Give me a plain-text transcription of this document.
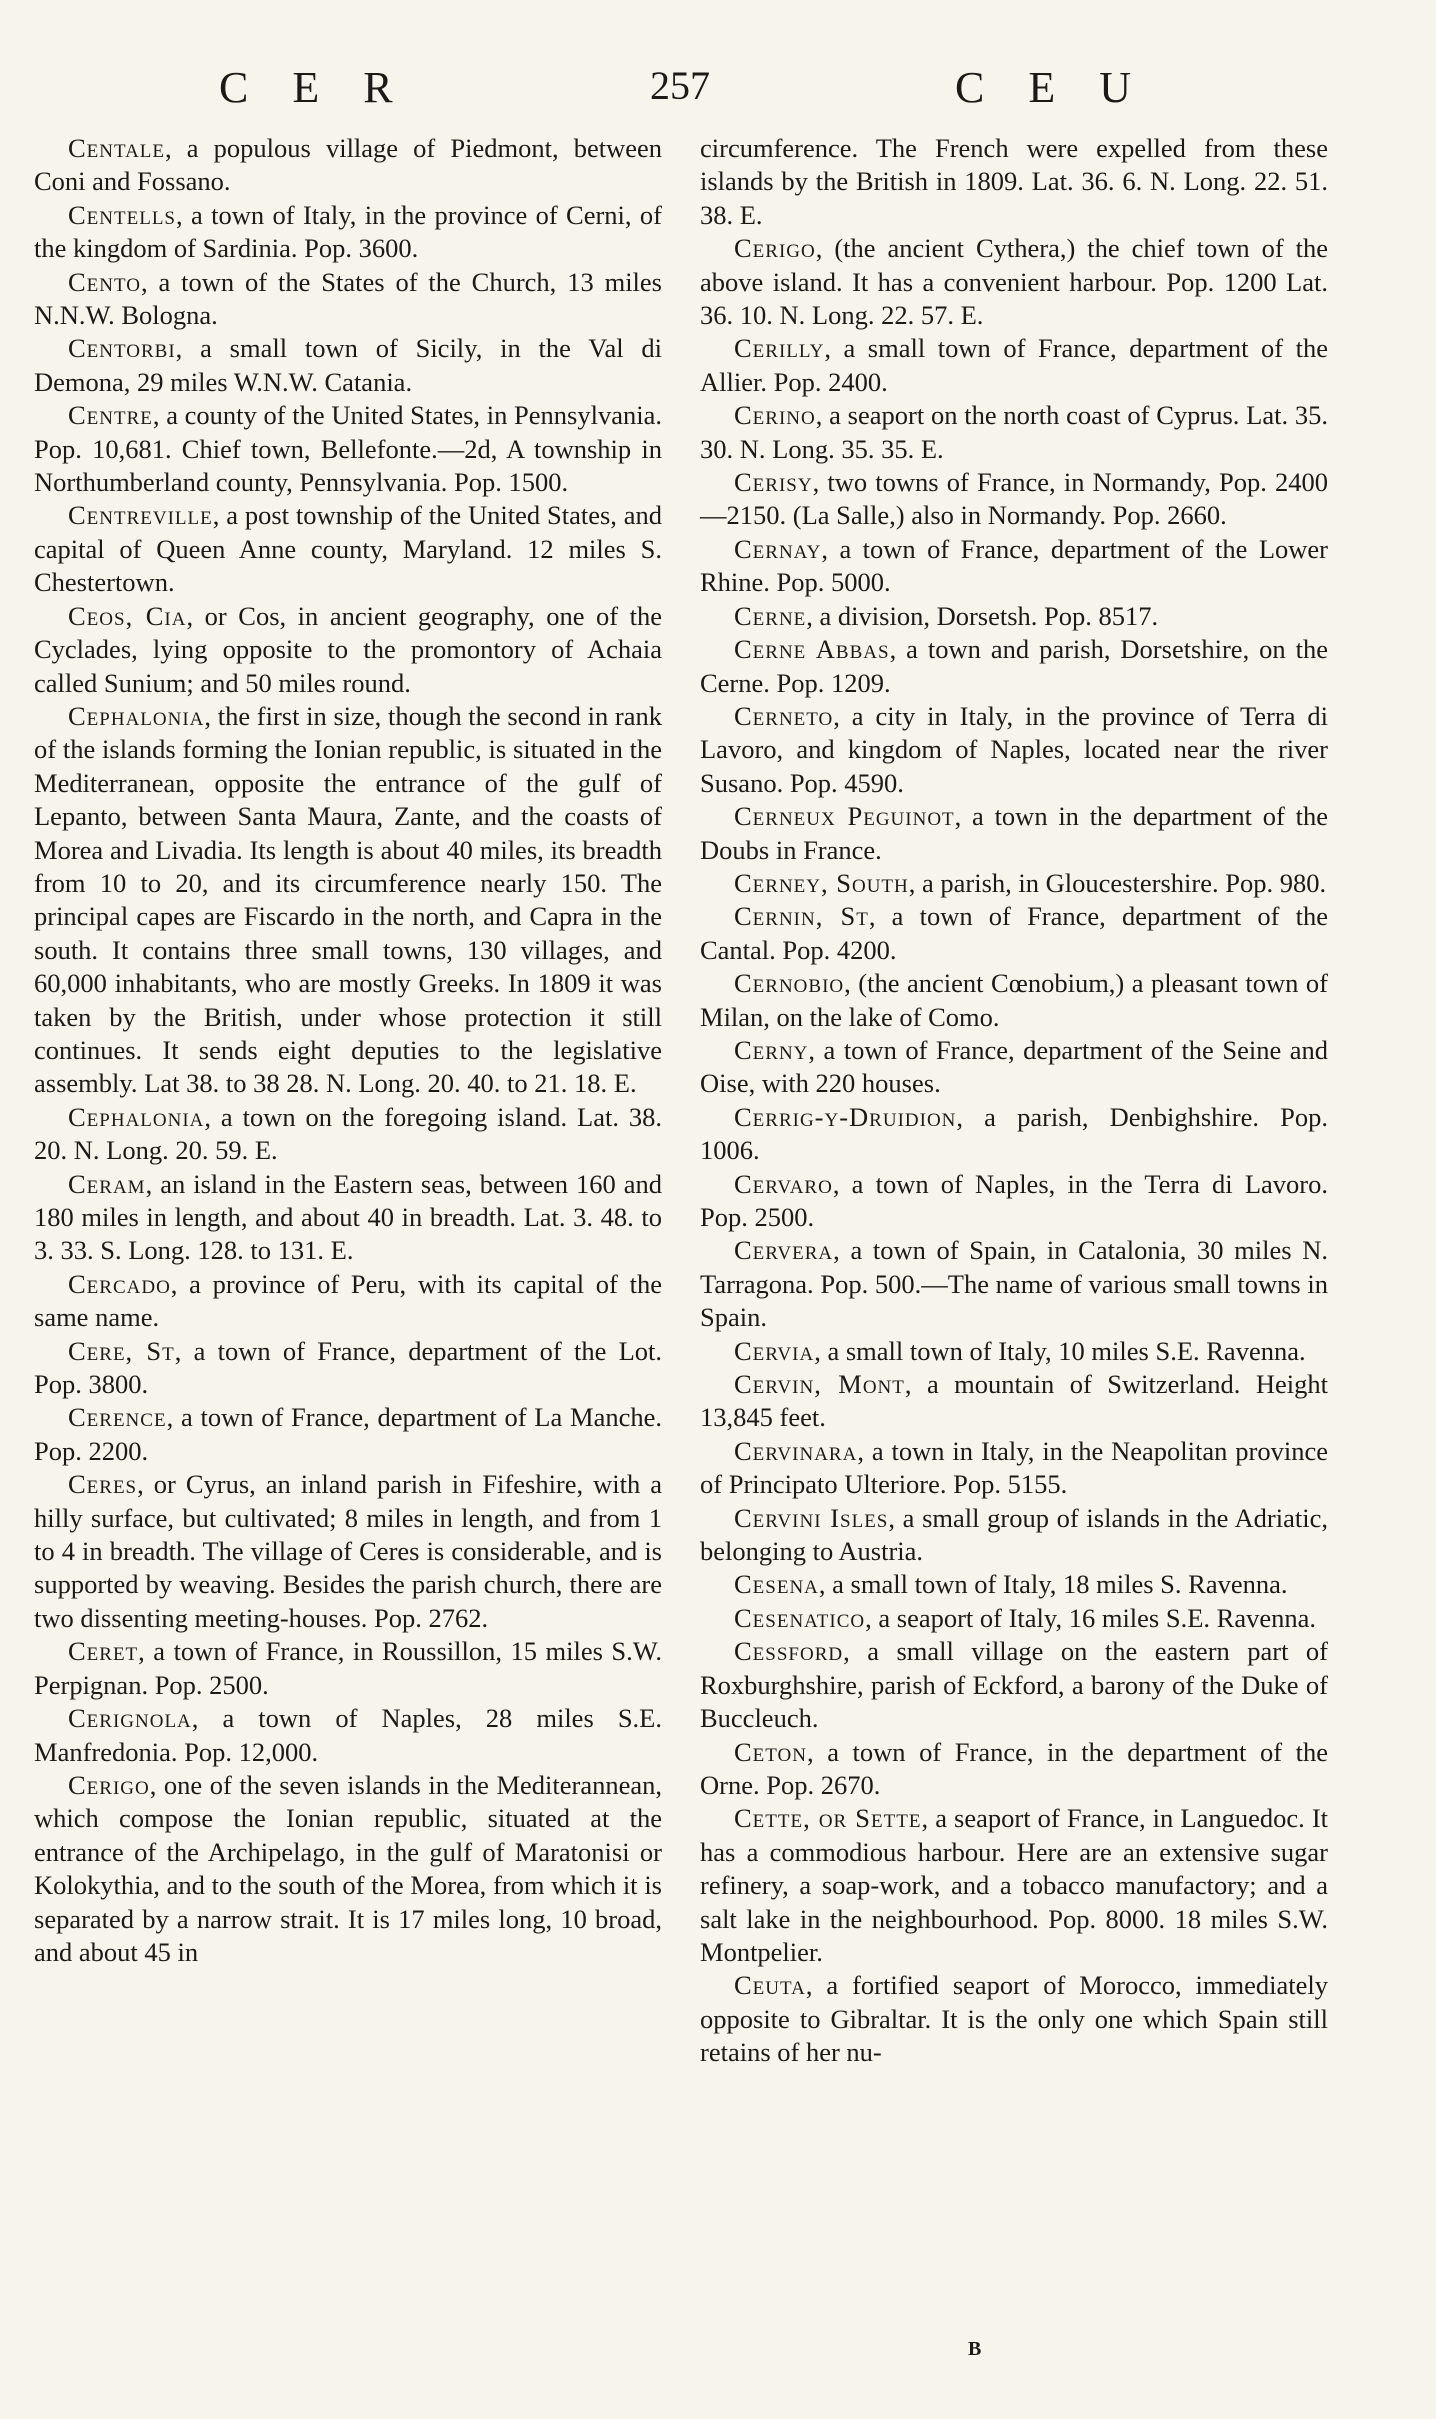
CER	257	CEU

Centale, a populous village of Piedmont, between Coni and Fossano.

Centells, a town of Italy, in the province of Cerni, of the kingdom of Sardinia. Pop. 3600.

Cento, a town of the States of the Church, 13 miles N.N.W. Bologna.

Centorbi, a small town of Sicily, in the Val di Demona, 29 miles W.N.W. Catania.

Centre, a county of the United States, in Pennsylvania. Pop. 10,681. Chief town, Bellefonte.—2d, A township in Northumberland county, Pennsylvania. Pop. 1500.

Centreville, a post township of the United States, and capital of Queen Anne county, Maryland. 12 miles S. Chestertown.

Ceos, Cia, or Cos, in ancient geography, one of the Cyclades, lying opposite to the promontory of Achaia called Sunium; and 50 miles round.

Cephalonia, the first in size, though the second in rank of the islands forming the Ionian republic, is situated in the Mediterranean, opposite the entrance of the gulf of Lepanto, between Santa Maura, Zante, and the coasts of Morea and Livadia. Its length is about 40 miles, its breadth from 10 to 20, and its circumference nearly 150. The principal capes are Fiscardo in the north, and Capra in the south. It contains three small towns, 130 villages, and 60,000 inhabitants, who are mostly Greeks. In 1809 it was taken by the British, under whose protection it still continues. It sends eight deputies to the legislative assembly. Lat 38. to 38 28. N. Long. 20. 40. to 21. 18. E.

Cephalonia, a town on the foregoing island. Lat. 38. 20. N. Long. 20. 59. E.

Ceram, an island in the Eastern seas, between 160 and 180 miles in length, and about 40 in breadth. Lat. 3. 48. to 3. 33. S. Long. 128. to 131. E.

Cercado, a province of Peru, with its capital of the same name.

Cere, St, a town of France, department of the Lot. Pop. 3800.

Cerence, a town of France, department of La Manche. Pop. 2200.

Ceres, or Cyrus, an inland parish in Fifeshire, with a hilly surface, but cultivated; 8 miles in length, and from 1 to 4 in breadth. The village of Ceres is considerable, and is supported by weaving. Besides the parish church, there are two dissenting meeting-houses. Pop. 2762.

Ceret, a town of France, in Roussillon, 15 miles S.W. Perpignan. Pop. 2500.

Cerignola, a town of Naples, 28 miles S.E. Manfredonia. Pop. 12,000.

Cerigo, one of the seven islands in the Mediterannean, which compose the Ionian republic, situated at the entrance of the Archipelago, in the gulf of Maratonisi or Kolokythia, and to the south of the Morea, from which it is separated by a narrow strait. It is 17 miles long, 10 broad, and about 45 in

circumference. The French were expelled from these islands by the British in 1809. Lat. 36. 6. N. Long. 22. 51. 38. E.

Cerigo, (the ancient Cythera,) the chief town of the above island. It has a convenient harbour. Pop. 1200 Lat. 36. 10. N. Long. 22. 57. E.

Cerilly, a small town of France, department of the Allier. Pop. 2400.

Cerino, a seaport on the north coast of Cyprus. Lat. 35. 30. N. Long. 35. 35. E.

Cerisy, two towns of France, in Normandy, Pop. 2400—2150. (La Salle,) also in Normandy. Pop. 2660.

Cernay, a town of France, department of the Lower Rhine. Pop. 5000.

Cerne, a division, Dorsetsh. Pop. 8517.

Cerne Abbas, a town and parish, Dorsetshire, on the Cerne. Pop. 1209.

Cerneto, a city in Italy, in the province of Terra di Lavoro, and kingdom of Naples, located near the river Susano. Pop. 4590.

Cerneux Peguinot, a town in the department of the Doubs in France.

Cerney, South, a parish, in Gloucestershire. Pop. 980.

Cernin, St, a town of France, department of the Cantal. Pop. 4200.

Cernobio, (the ancient Cœnobium,) a pleasant town of Milan, on the lake of Como.

Cerny, a town of France, department of the Seine and Oise, with 220 houses.

Cerrig-y-Druidion, a parish, Denbighshire. Pop. 1006.

Cervaro, a town of Naples, in the Terra di Lavoro. Pop. 2500.

Cervera, a town of Spain, in Catalonia, 30 miles N. Tarragona. Pop. 500.—The name of various small towns in Spain.

Cervia, a small town of Italy, 10 miles S.E. Ravenna.

Cervin, Mont, a mountain of Switzerland. Height 13,845 feet.

Cervinara, a town in Italy, in the Neapolitan province of Principato Ulteriore. Pop. 5155.

Cervini Isles, a small group of islands in the Adriatic, belonging to Austria.

Cesena, a small town of Italy, 18 miles S. Ravenna.

Cesenatico, a seaport of Italy, 16 miles S.E. Ravenna.

Cessford, a small village on the eastern part of Roxburghshire, parish of Eckford, a barony of the Duke of Buccleuch.

Ceton, a town of France, in the department of the Orne. Pop. 2670.

Cette, or Sette, a seaport of France, in Languedoc. It has a commodious harbour. Here are an extensive sugar refinery, a soap-work, and a tobacco manufactory; and a salt lake in the neighbourhood. Pop. 8000. 18 miles S.W. Montpelier.

Ceuta, a fortified seaport of Morocco, immediately opposite to Gibraltar. It is the only one which Spain still retains of her nu-

B
